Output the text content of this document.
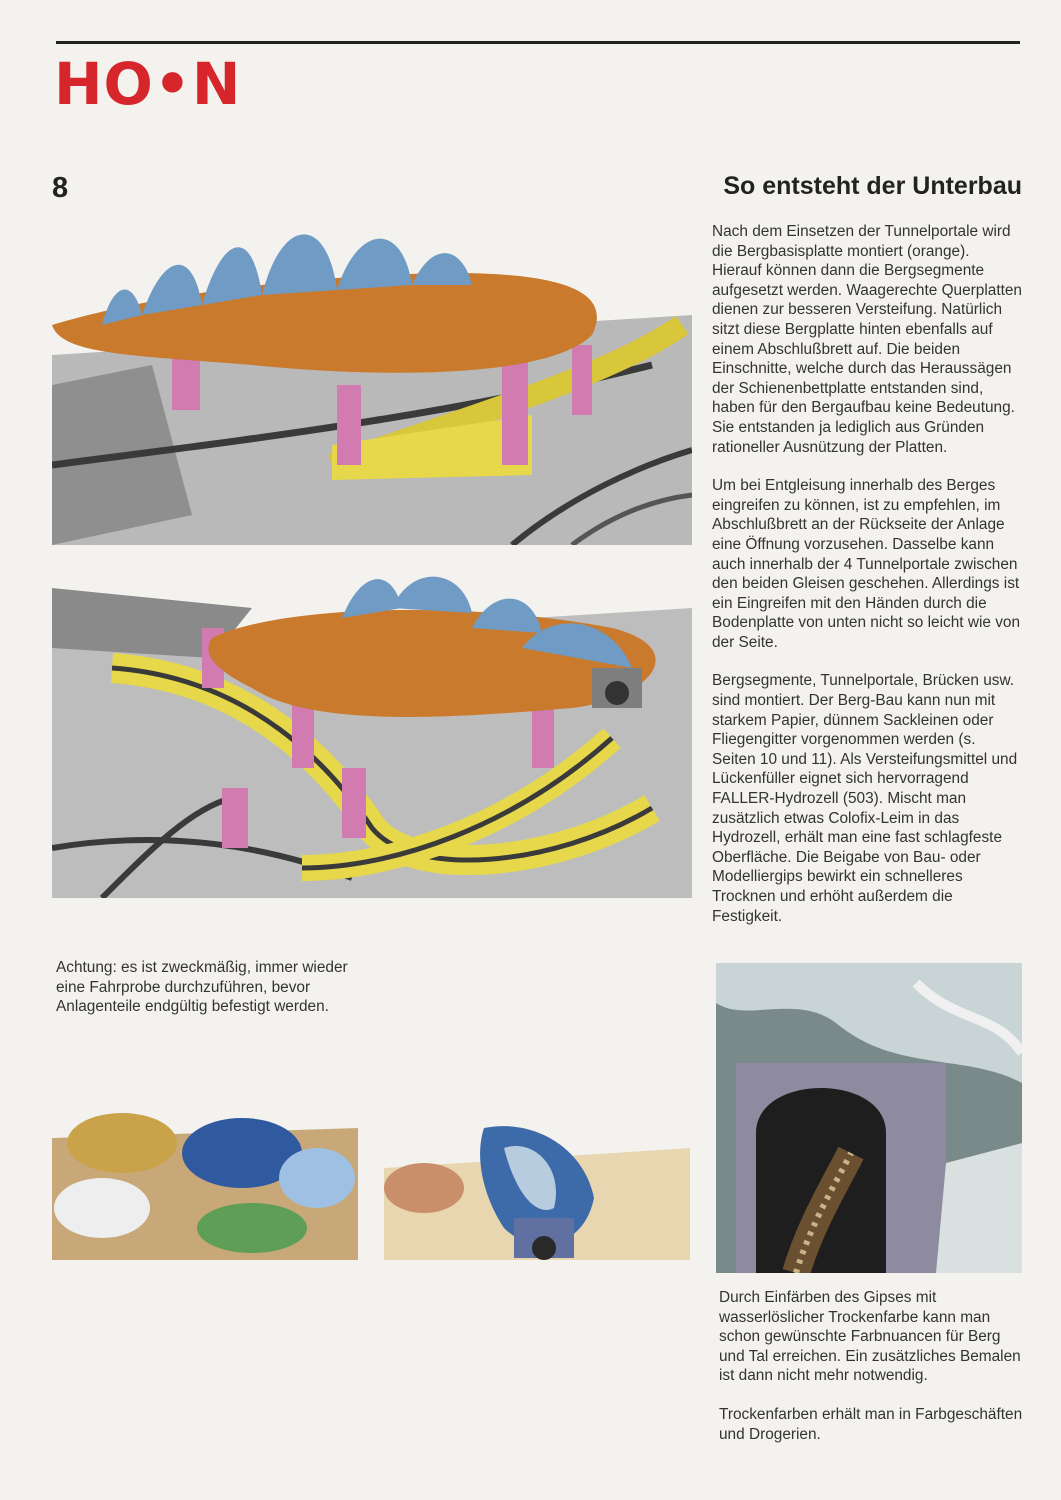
HO•N
8	So entsteht der Unterbau

Nach dem Einsetzen der Tunnelportale wird die Bergbasisplatte montiert (orange). Hierauf können dann die Bergsegmente aufgesetzt werden. Waagerechte Querplatten dienen zur besseren Versteifung. Natürlich sitzt diese Bergplatte hinten ebenfalls auf einem Abschlußbrett auf. Die beiden Einschnitte, welche durch das Heraussägen der Schienenbettplatte entstanden sind, haben für den Bergaufbau keine Bedeutung. Sie entstanden ja lediglich aus Gründen rationeller Ausnützung der Platten.

Um bei Entgleisung innerhalb des Berges eingreifen zu können, ist zu empfehlen, im Abschlußbrett an der Rückseite der Anlage eine Öffnung vorzusehen. Dasselbe kann auch innerhalb der 4 Tunnelportale zwischen den beiden Gleisen geschehen. Allerdings ist ein Eingreifen mit den Händen durch die Bodenplatte von unten nicht so leicht wie von der Seite.

Bergsegmente, Tunnelportale, Brücken usw. sind montiert. Der Berg-Bau kann nun mit starkem Papier, dünnem Sackleinen oder Fliegengitter vorgenommen werden (s. Seiten 10 und 11). Als Versteifungsmittel und Lückenfüller eignet sich hervorragend FALLER-Hydrozell (503). Mischt man zusätzlich etwas Colofix-Leim in das Hydrozell, erhält man eine fast schlagfeste Oberfläche. Die Beigabe von Bau- oder Modelliergips bewirkt ein schnelleres Trocknen und erhöht außerdem die Festigkeit.

Achtung: es ist zweckmäßig, immer wieder eine Fahrprobe durchzuführen, bevor Anlagenteile endgültig befestigt werden.
Durch Einfärben des Gipses mit wasserlöslicher Trockenfarbe kann man schon gewünschte Farbnuancen für Berg und Tal erreichen. Ein zusätzliches Bemalen ist dann nicht mehr notwendig.
Trockenfarben erhält man in Farbgeschäften und Drogerien.
